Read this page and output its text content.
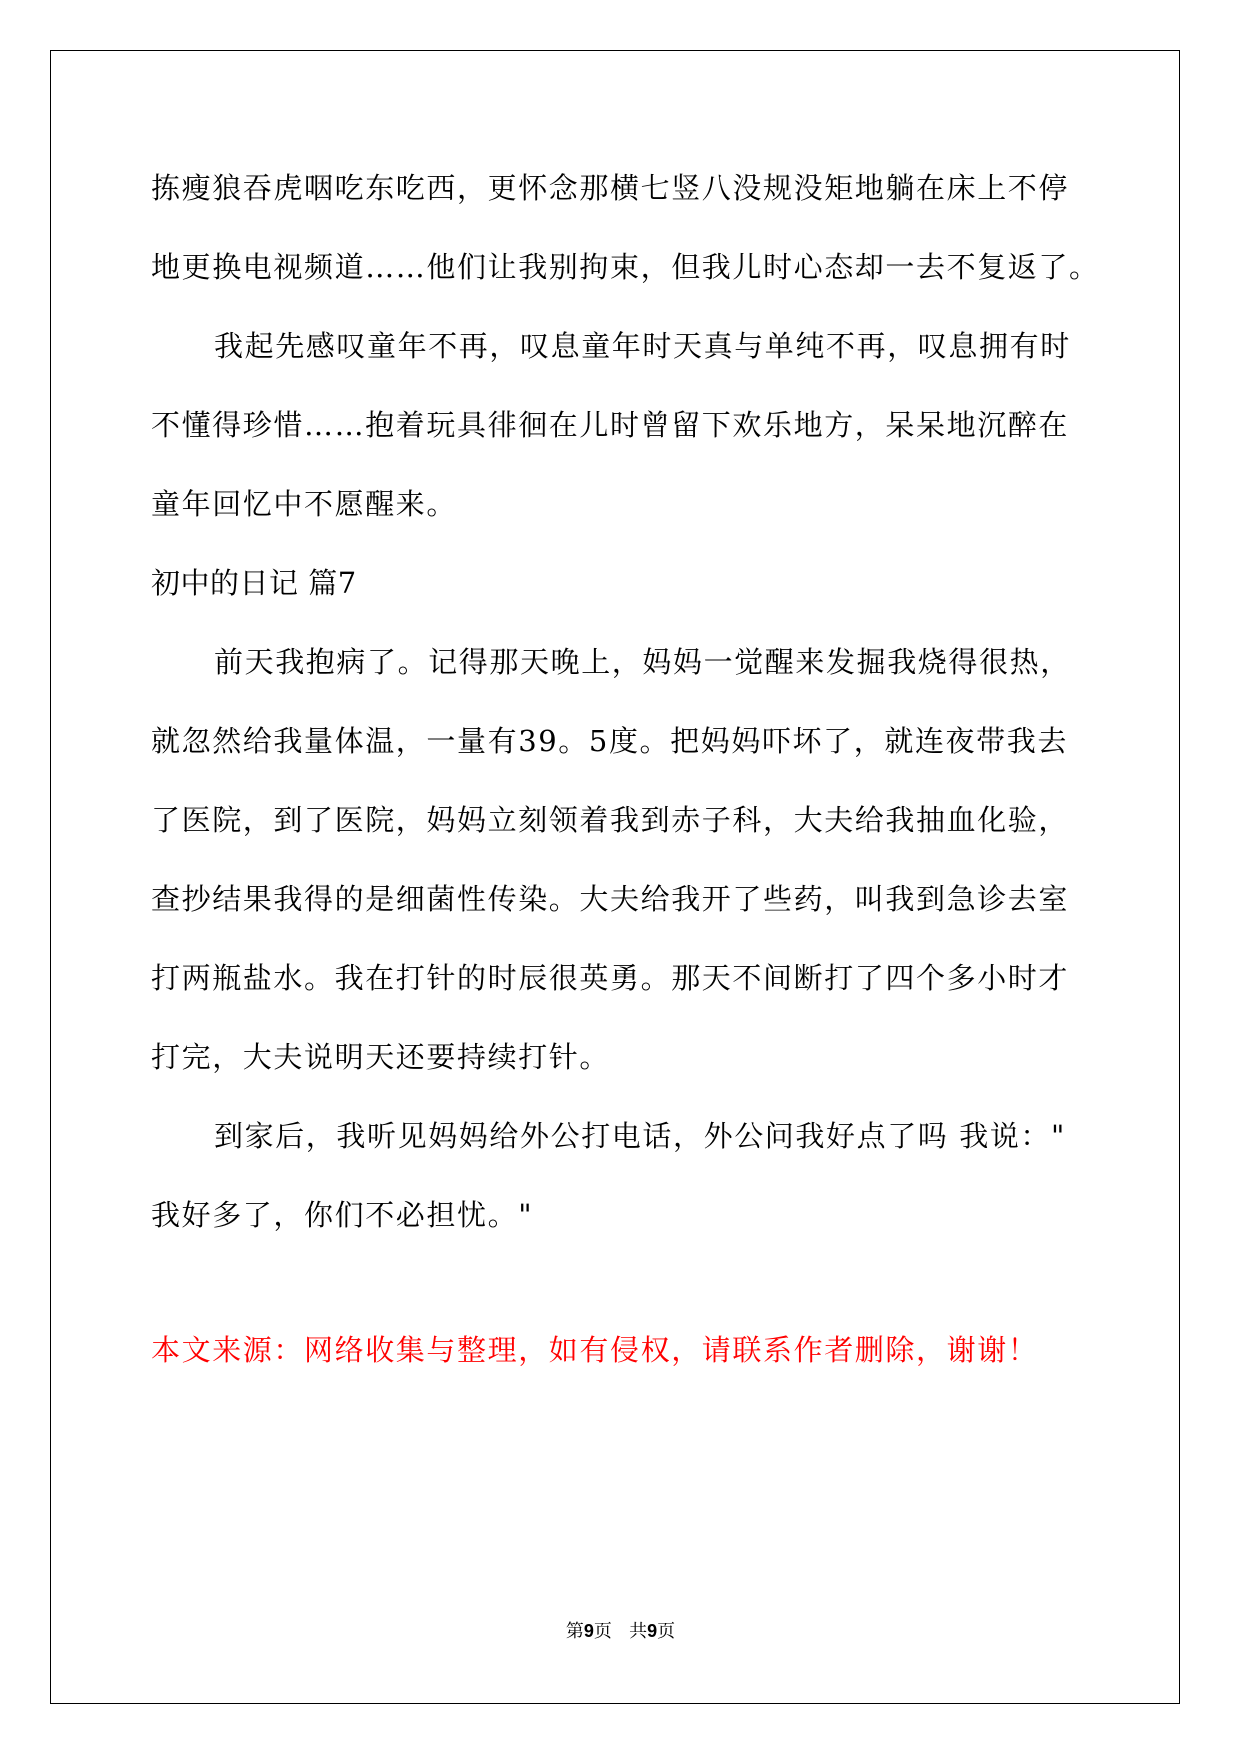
拣瘦狼吞虎咽吃东吃西，更怀念那横七竖八没规没矩地躺在床上不停
地更换电视频道……他们让我别拘束，但我儿时心态却一去不复返了。
我起先感叹童年不再，叹息童年时天真与单纯不再，叹息拥有时
不懂得珍惜……抱着玩具徘徊在儿时曾留下欢乐地方，呆呆地沉醉在
童年回忆中不愿醒来。
初中的日记 篇7
前天我抱病了。记得那天晚上，妈妈一觉醒来发掘我烧得很热，
就忽然给我量体温，一量有39。5度。把妈妈吓坏了，就连夜带我去
了医院，到了医院，妈妈立刻领着我到赤子科，大夫给我抽血化验，
查抄结果我得的是细菌性传染。大夫给我开了些药，叫我到急诊去室
打两瓶盐水。我在打针的时辰很英勇。那天不间断打了四个多小时才
打完，大夫说明天还要持续打针。
到家后，我听见妈妈给外公打电话，外公问我好点了吗 我说："
我好多了，你们不必担忧。"
本文来源：网络收集与整理，如有侵权，请联系作者删除，谢谢！
第9页 共9页
